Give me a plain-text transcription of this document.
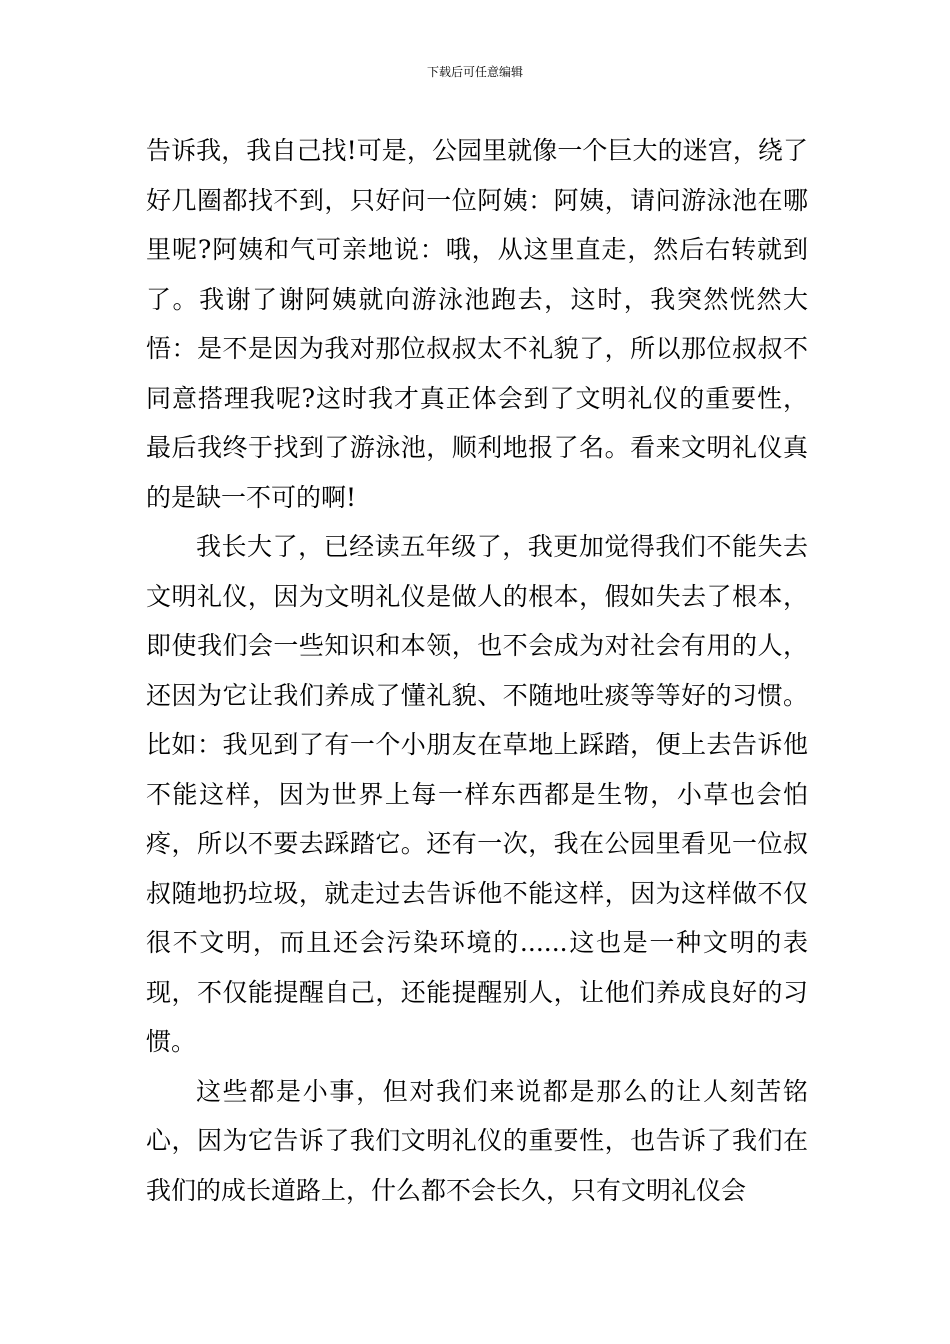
下载后可任意编辑

告诉我，我自己找!可是，公园里就像一个巨大的迷宫，绕了好几圈都找不到，只好问一位阿姨：阿姨，请问游泳池在哪里呢?阿姨和气可亲地说：哦，从这里直走，然后右转就到了。我谢了谢阿姨就向游泳池跑去，这时，我突然恍然大悟：是不是因为我对那位叔叔太不礼貌了，所以那位叔叔不同意搭理我呢?这时我才真正体会到了文明礼仪的重要性，最后我终于找到了游泳池，顺利地报了名。看来文明礼仪真的是缺一不可的啊!

我长大了，已经读五年级了，我更加觉得我们不能失去文明礼仪，因为文明礼仪是做人的根本，假如失去了根本，即使我们会一些知识和本领，也不会成为对社会有用的人，还因为它让我们养成了懂礼貌、不随地吐痰等等好的习惯。比如：我见到了有一个小朋友在草地上踩踏，便上去告诉他不能这样，因为世界上每一样东西都是生物，小草也会怕疼，所以不要去踩踏它。还有一次，我在公园里看见一位叔叔随地扔垃圾，就走过去告诉他不能这样，因为这样做不仅很不文明，而且还会污染环境的......这也是一种文明的表现，不仅能提醒自己，还能提醒别人，让他们养成良好的习惯。

这些都是小事，但对我们来说都是那么的让人刻苦铭心，因为它告诉了我们文明礼仪的重要性，也告诉了我们在我们的成长道路上，什么都不会长久，只有文明礼仪会
